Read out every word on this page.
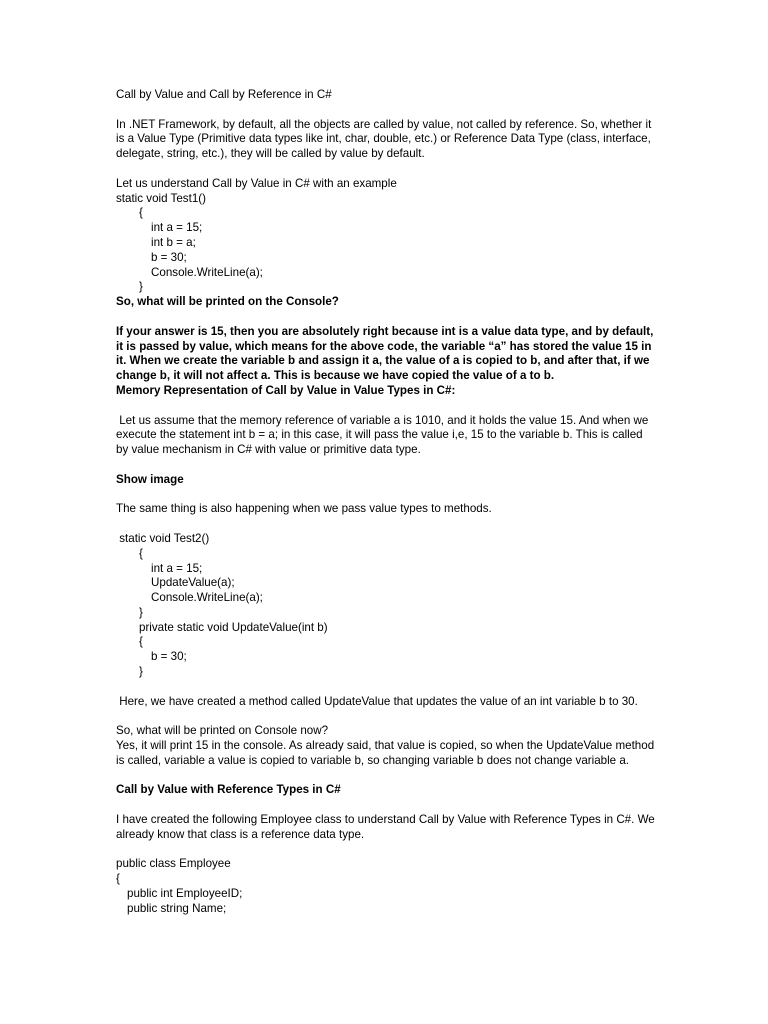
Call by Value and Call by Reference in C#

In .NET Framework, by default, all the objects are called by value, not called by reference. So, whether it is a Value Type (Primitive data types like int, char, double, etc.) or Reference Data Type (class, interface, delegate, string, etc.), they will be called by value by default.

Let us understand Call by Value in C# with an example

static void Test1()

{

int a = 15;

int b = a;

b = 30;

Console.WriteLine(a);

}

So, what will be printed on the Console?

If your answer is 15, then you are absolutely right because int is a value data type, and by default, it is passed by value, which means for the above code, the variable “a” has stored the value 15 in it. When we create the variable b and assign it a, the value of a is copied to b, and after that, if we change b, it will not affect a. This is because we have copied the value of a to b.

Memory Representation of Call by Value in Value Types in C#:

Let us assume that the memory reference of variable a is 1010, and it holds the value 15. And when we execute the statement int b = a; in this case, it will pass the value i,e, 15 to the variable b. This is called by value mechanism in C# with value or primitive data type.

Show image

The same thing is also happening when we pass value types to methods.

static void Test2()

{

int a = 15;

UpdateValue(a);

Console.WriteLine(a);

}

private static void UpdateValue(int b)

{

b = 30;

}

Here, we have created a method called UpdateValue that updates the value of an int variable b to 30.

So, what will be printed on Console now?

Yes, it will print 15 in the console. As already said, that value is copied, so when the UpdateValue method is called, variable a value is copied to variable b, so changing variable b does not change variable a.

Call by Value with Reference Types in C#

I have created the following Employee class to understand Call by Value with Reference Types in C#. We already know that class is a reference data type.

public class Employee

{

public int EmployeeID;

public string Name;
